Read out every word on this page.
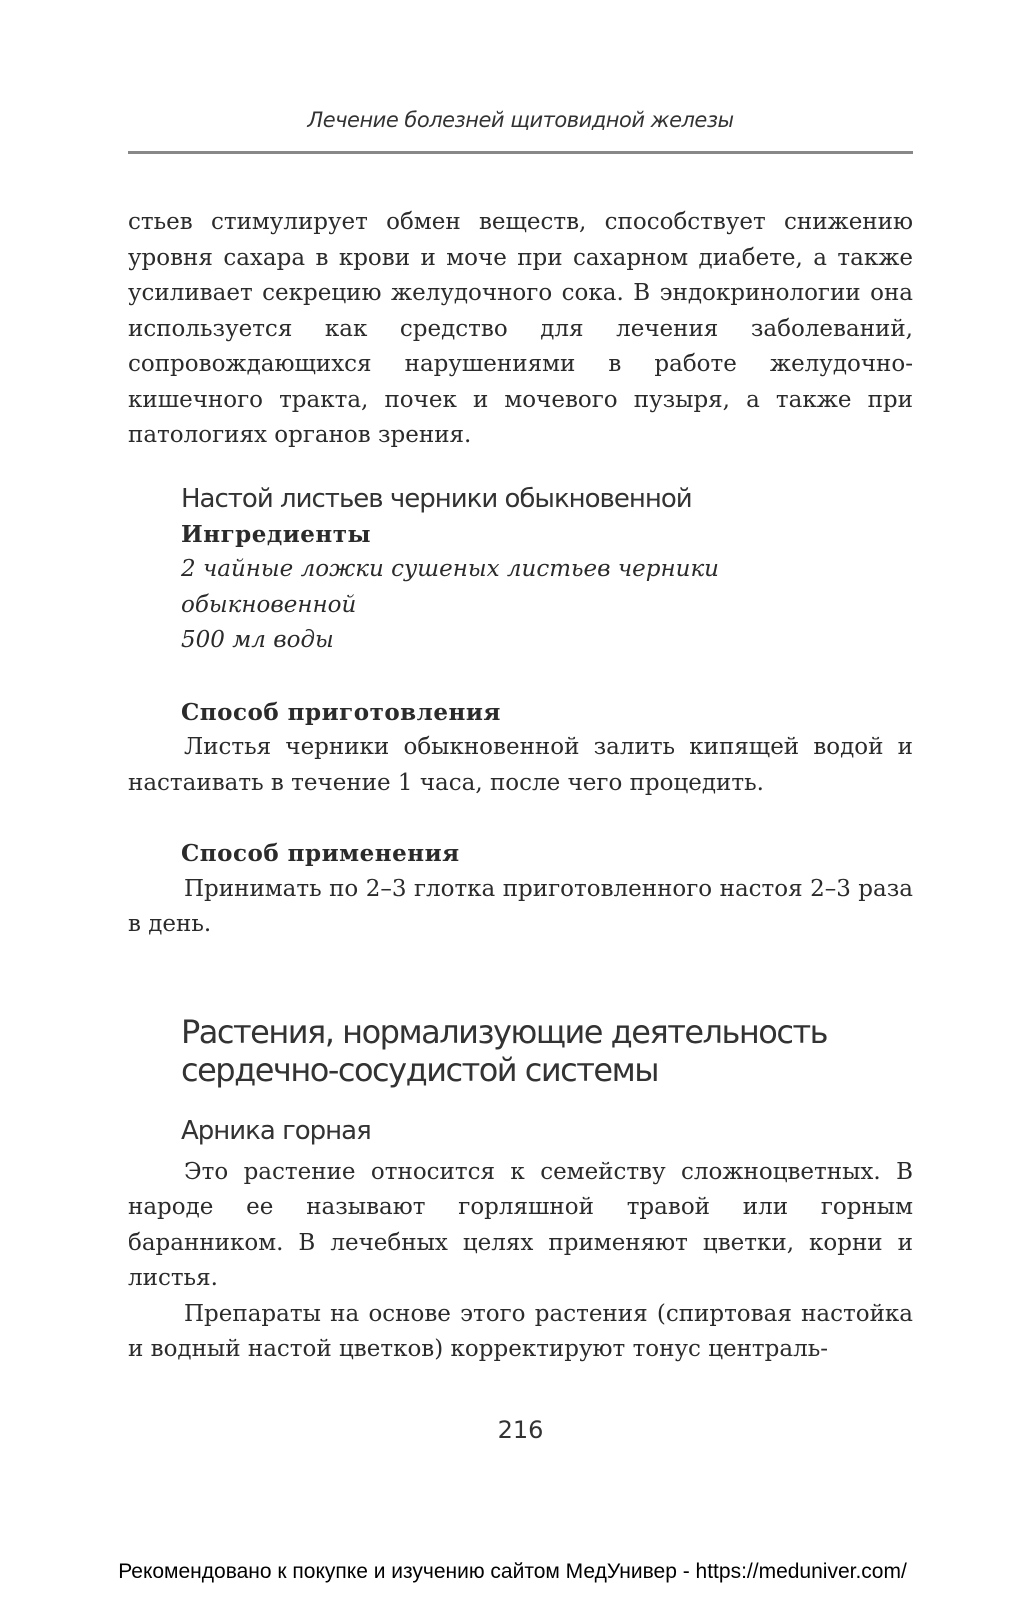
Лечение болезней щитовидной железы

стьев стимулирует обмен веществ, способствует снижению уровня сахара в крови и моче при сахарном диабете, а также усиливает секрецию желудочного сока. В эндокринологии она используется как средство для лечения заболеваний, сопровождающихся нарушениями в работе желудочно-кишечного тракта, почек и мочевого пузыря, а также при патологиях органов зрения.

Настой листьев черники обыкновенной
Ингредиенты
2 чайные ложки сушеных листьев черники
обыкновенной
500 мл воды
Способ приготовления

Листья черники обыкновенной залить кипящей водой и настаивать в течение 1 часа, после чего процедить.

Способ применения

Принимать по 2–3 глотка приготовленного настоя 2–3 раза в день.

Растения, нормализующие деятельность
сердечно-сосудистой системы
Арника горная

Это растение относится к семейству сложноцветных. В народе ее называют горляшной травой или горным баранником. В лечебных целях применяют цветки, корни и листья.

Препараты на основе этого растения (спиртовая настойка и водный настой цветков) корректируют тонус централь-

216
Рекомендовано к покупке и изучению сайтом МедУнивер - https://meduniver.com/
